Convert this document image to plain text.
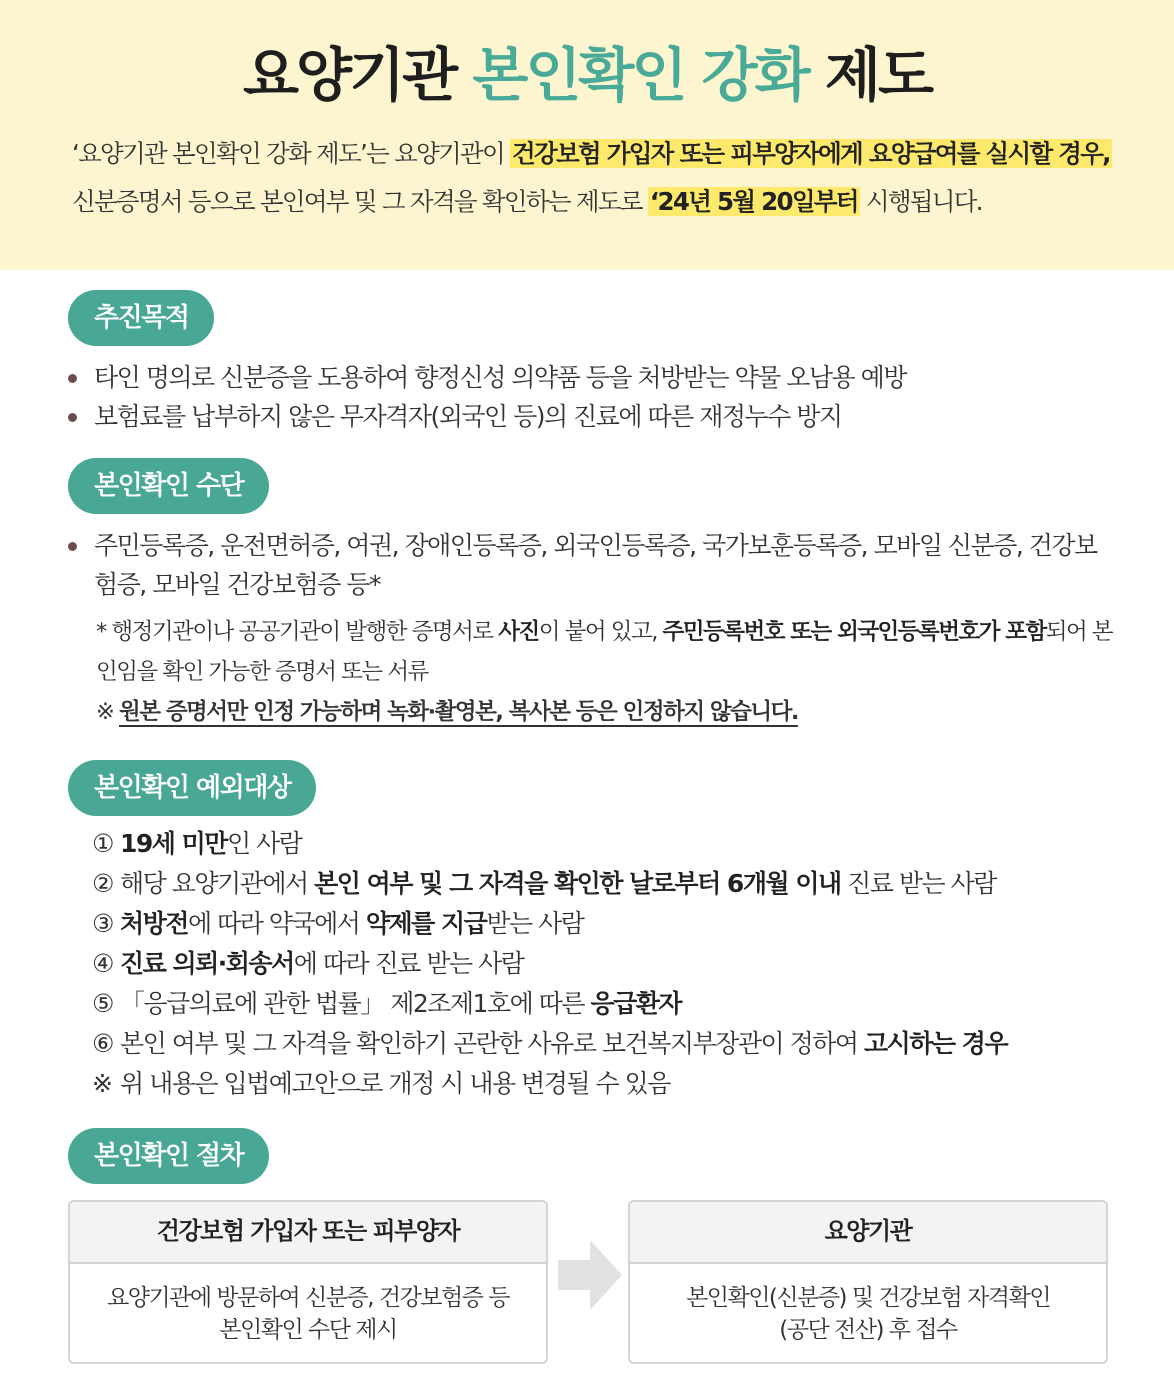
요양기관 본인확인 강화 제도
‘요양기관 본인확인 강화 제도’는 요양기관이 건강보험 가입자 또는 피부양자에게 요양급여를 실시할 경우, 신분증명서 등으로 본인여부 및 그 자격을 확인하는 제도로 ‘24년 5월 20일부터 시행됩니다.
추진목적
타인 명의로 신분증을 도용하여 향정신성 의약품 등을 처방받는 약물 오남용 예방
보험료를 납부하지 않은 무자격자(외국인 등)의 진료에 따른 재정누수 방지
본인확인 수단
주민등록증, 운전면허증, 여권, 장애인등록증, 외국인등록증, 국가보훈등록증, 모바일 신분증, 건강보험증, 모바일 건강보험증 등*
* 행정기관이나 공공기관이 발행한 증명서로 사진이 붙어 있고, 주민등록번호 또는 외국인등록번호가 포함되어 본인임을 확인 가능한 증명서 또는 서류
※ 원본 증명서만 인정 가능하며 녹화·촬영본, 복사본 등은 인정하지 않습니다.
본인확인 예외대상
① 19세 미만인 사람
② 해당 요양기관에서 본인 여부 및 그 자격을 확인한 날로부터 6개월 이내 진료 받는 사람
③ 처방전에 따라 약국에서 약제를 지급받는 사람
④ 진료 의뢰·회송서에 따라 진료 받는 사람
⑤ 「응급의료에 관한 법률」 제2조제1호에 따른 응급환자
⑥ 본인 여부 및 그 자격을 확인하기 곤란한 사유로 보건복지부장관이 정하여 고시하는 경우
※ 위 내용은 입법예고안으로 개정 시 내용 변경될 수 있음
본인확인 절차
건강보험 가입자 또는 피부양자
요양기관에 방문하여 신분증, 건강보험증 등
본인확인 수단 제시
요양기관
본인확인(신분증) 및 건강보험 자격확인
(공단 전산) 후 접수
